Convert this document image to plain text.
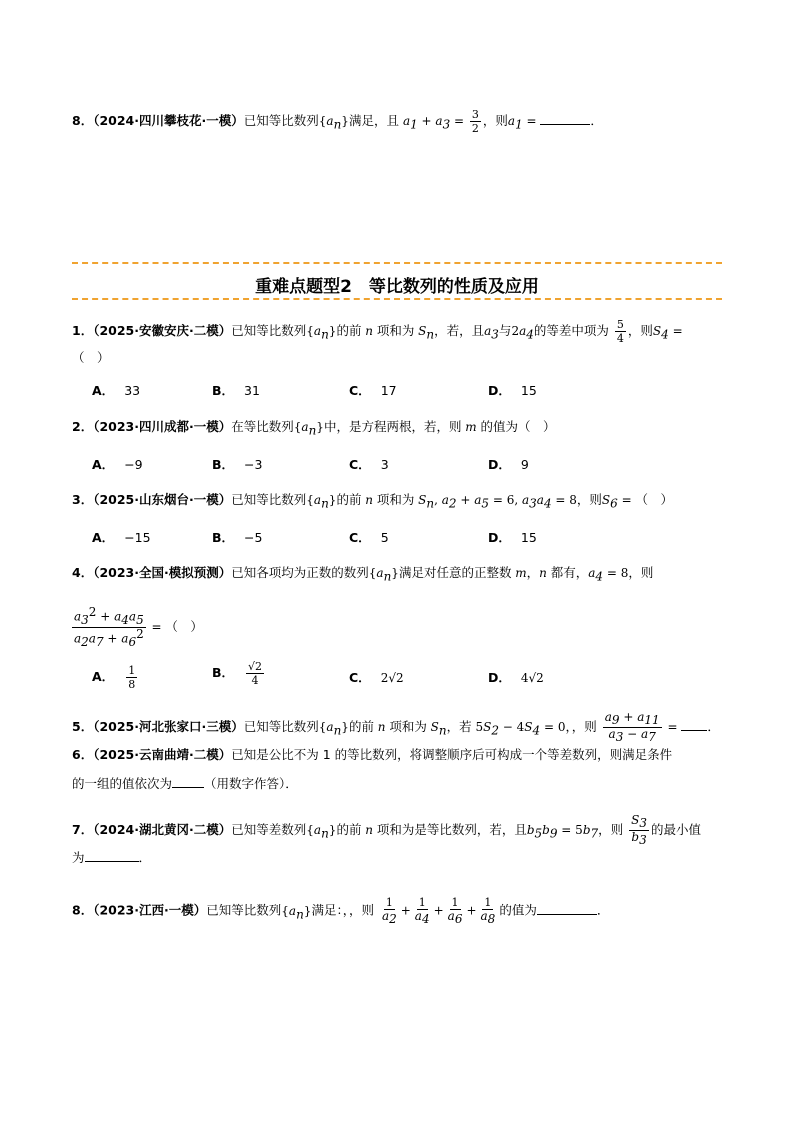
8．（2024·四川攀枝花·一模）已知等比数列$\{a_n\}$满足，且 $a_1 + a_3 = \frac{3}{2}$ ，则$a_1$ =	．
重难点题型2　等比数列的性质及应用
1．（2025·安徽安庆·二模）已知等比数列$\{a_n\}$的前 n 项和为 $S_n$，若，且$a_3$与$2a_4$的等差中项为 $\frac{5}{4}$ ，则$S_4$ =
（　）
A． 33	B． 31	C． 17	D． 15
2．（2023·四川成都·一模）在等比数列$\{a_n\}$中，是方程两根，若，则 m 的值为（　）
A． −9	B． −3	C． 3	D． 9
3．（2025·山东烟台·一模）已知等比数列$\{a_n\}$的前 n 项和为 $S_n$, $a_2 + a_5 = 6$, $a_3a_4 = 8$，则$S_6$ = （　）
A． −15	B． −5	C． 5	D． 15
4．（2023·全国·模拟预测）已知各项均为正数的数列$\{a_n\}$满足对任意的正整数 m，n 都有，$a_4 = 8$，则
$\frac{a_3^2 + a_4a_5}{a_2a_7 + a_6^2}$ = （　）
A． $\frac{1}{8}$	B． $\frac{√2}{4}$	C． 2√2	D． 4√2
5．（2025·河北张家口·三模）已知等比数列$\{a_n\}$的前 n 项和为 $S_n$，若 $5S_2 - 4S_4 = 0$，，则 $\frac{a_9 + a_{11}}{a_3 - a_7}$ = ．
6．（2025·云南曲靖·二模）已知是公比不为 1 的等比数列，将调整顺序后可构成一个等差数列，则满足条件
的一组的值依次为	（用数字作答）．
7．（2024·湖北黄冈·二模）已知等差数列$\{a_n\}$的前 n 项和为是等比数列，若，且$b_5b_9 = 5b_7$，则 $\frac{S_3}{b_3}$ 的最小值
为	．
8．（2023·江西·一模）已知等比数列$\{a_n\}$满足：，，则 $\frac{1}{a_2} + \frac{1}{a_4} + \frac{1}{a_6} + \frac{1}{a_8}$ 的值为	．
